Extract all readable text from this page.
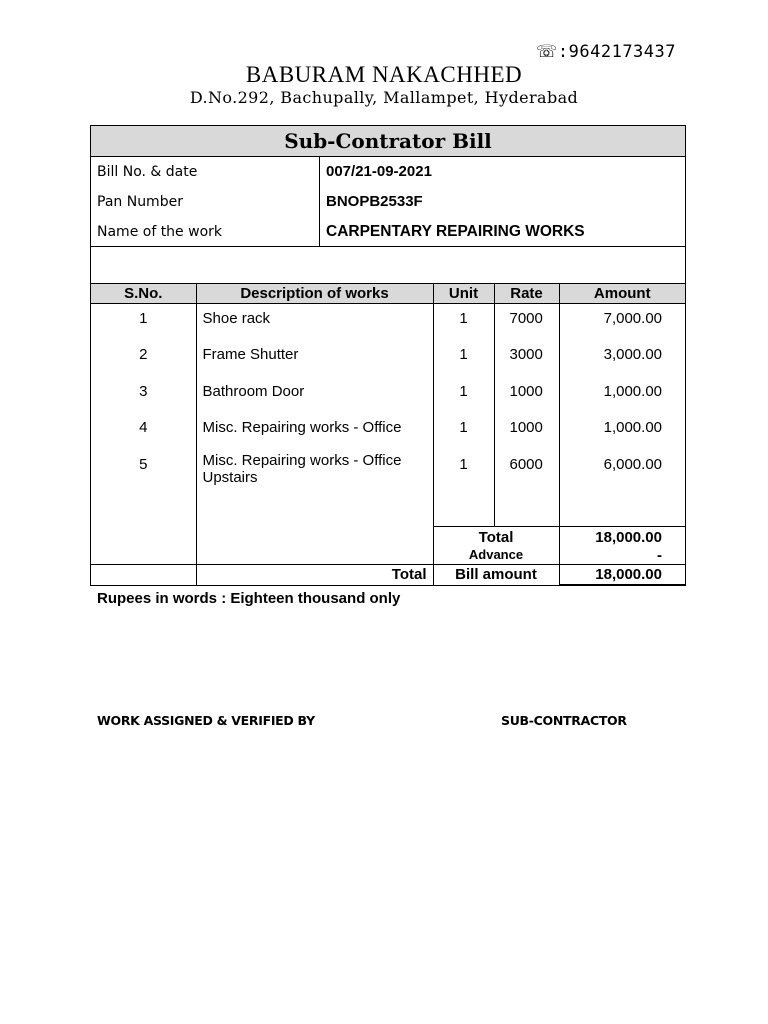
☏:9642173437
BABURAM NAKACHHED
D.No.292, Bachupally, Mallampet, Hyderabad
Sub-Contrator Bill
Bill No. & date	007/21-09-2021
Pan Number	BNOPB2533F
Name of the work	CARPENTARY REPAIRING WORKS
S.No.	Description of works	Unit	Rate	Amount
1	Shoe rack	1	7000	7,000.00
2	Frame Shutter	1	3000	3,000.00
3	Bathroom Door	1	1000	1,000.00
4	Misc. Repairing works - Office	1	1000	1,000.00
5	Misc. Repairing works - Office Upstairs	1	6000	6,000.00

		Total		18,000.00
		Advance		-
	Total	Bill amount		18,000.00
Rupees in words : Eighteen thousand only
WORK ASSIGNED & VERIFIED BY	SUB-CONTRACTOR
